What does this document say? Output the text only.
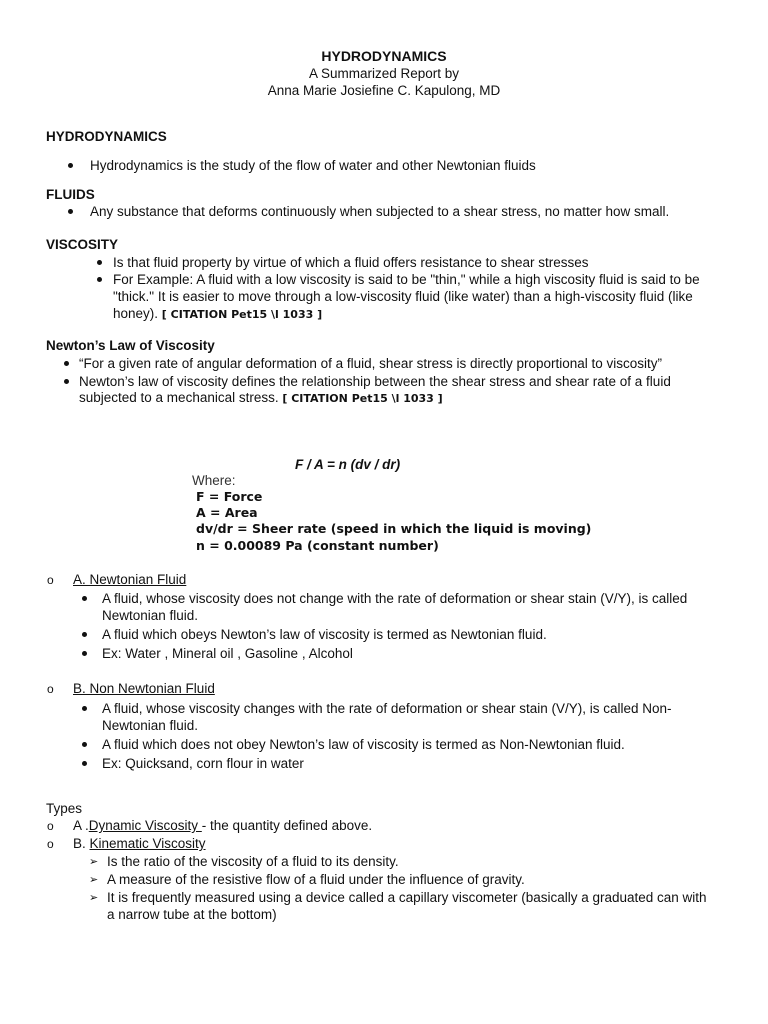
HYDRODYNAMICS
A Summarized Report by
Anna Marie Josiefine C. Kapulong, MD
HYDRODYNAMICS
Hydrodynamics is the study of the flow of water and other Newtonian fluids
FLUIDS
Any substance that deforms continuously when subjected to a shear stress, no matter how small.
VISCOSITY
Is that fluid property by virtue of which a fluid offers resistance to shear stresses
For Example: A fluid with a low viscosity is said to be "thin," while a high viscosity fluid is said to be
"thick." It is easier to move through a low-viscosity fluid (like water) than a high-viscosity fluid (like
honey). [ CITATION Pet15 \l 1033 ]
Newton’s Law of Viscosity
“For a given rate of angular deformation of a fluid, shear stress is directly proportional to viscosity”
Newton’s law of viscosity defines the relationship between the shear stress and shear rate of a fluid
subjected to a mechanical stress. [ CITATION Pet15 \l 1033 ]
F / A = n (dv / dr)
Where:
F = Force
A = Area
dv/dr = Sheer rate (speed in which the liquid is moving)
n = 0.00089 Pa (constant number)
o A. Newtonian Fluid
A fluid, whose viscosity does not change with the rate of deformation or shear stain (V/Y), is called
Newtonian fluid.
A fluid which obeys Newton’s law of viscosity is termed as Newtonian fluid.
Ex: Water , Mineral oil , Gasoline , Alcohol
o B. Non Newtonian Fluid
A fluid, whose viscosity changes with the rate of deformation or shear stain (V/Y), is called Non-
Newtonian fluid.
A fluid which does not obey Newton’s law of viscosity is termed as Non-Newtonian fluid.
Ex: Quicksand, corn flour in water
Types
o A .Dynamic Viscosity - the quantity defined above.
o B. Kinematic Viscosity
➢ Is the ratio of the viscosity of a fluid to its density.
➢ A measure of the resistive flow of a fluid under the influence of gravity.
➢ It is frequently measured using a device called a capillary viscometer (basically a graduated can with
a narrow tube at the bottom)
